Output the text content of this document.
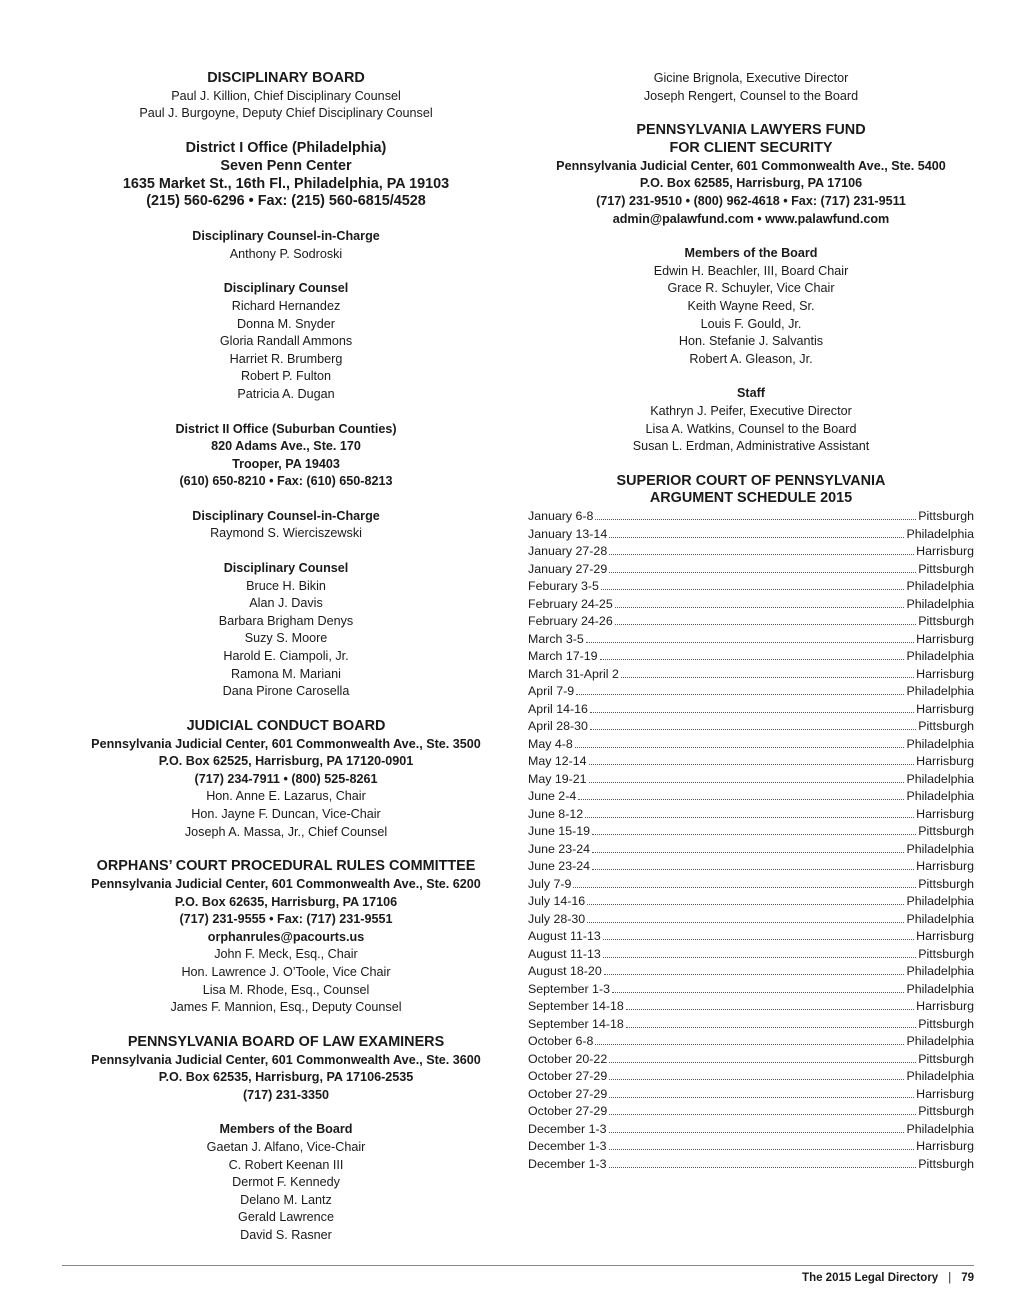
DISCIPLINARY BOARD
Paul J. Killion, Chief Disciplinary Counsel
Paul J. Burgoyne, Deputy Chief Disciplinary Counsel
District I Office (Philadelphia)
Seven Penn Center
1635 Market St., 16th Fl., Philadelphia, PA 19103
(215) 560-6296 • Fax: (215) 560-6815/4528
Disciplinary Counsel-in-Charge
Anthony P. Sodroski
Disciplinary Counsel
Richard Hernandez
Donna M. Snyder
Gloria Randall Ammons
Harriet R. Brumberg
Robert P. Fulton
Patricia A. Dugan
District II Office (Suburban Counties)
820 Adams Ave., Ste. 170
Trooper, PA 19403
(610) 650-8210 • Fax: (610) 650-8213
Disciplinary Counsel-in-Charge
Raymond S. Wierciszewski
Disciplinary Counsel
Bruce H. Bikin
Alan J. Davis
Barbara Brigham Denys
Suzy S. Moore
Harold E. Ciampoli, Jr.
Ramona M. Mariani
Dana Pirone Carosella
JUDICIAL CONDUCT BOARD
Pennsylvania Judicial Center, 601 Commonwealth Ave., Ste. 3500
P.O. Box 62525, Harrisburg, PA 17120-0901
(717) 234-7911 • (800) 525-8261
Hon. Anne E. Lazarus, Chair
Hon. Jayne F. Duncan, Vice-Chair
Joseph A. Massa, Jr., Chief Counsel
ORPHANS’ COURT PROCEDURAL RULES COMMITTEE
Pennsylvania Judicial Center, 601 Commonwealth Ave., Ste. 6200
P.O. Box 62635, Harrisburg, PA 17106
(717) 231-9555 • Fax: (717) 231-9551
orphanrules@pacourts.us
John F. Meck, Esq., Chair
Hon. Lawrence J. O’Toole, Vice Chair
Lisa M. Rhode, Esq., Counsel
James F. Mannion, Esq., Deputy Counsel
PENNSYLVANIA BOARD OF LAW EXAMINERS
Pennsylvania Judicial Center, 601 Commonwealth Ave., Ste. 3600
P.O. Box 62535, Harrisburg, PA 17106-2535
(717) 231-3350
Members of the Board
Gaetan J. Alfano, Vice-Chair
C. Robert Keenan III
Dermot F. Kennedy
Delano M. Lantz
Gerald Lawrence
David S. Rasner
Gicine Brignola, Executive Director
Joseph Rengert, Counsel to the Board
PENNSYLVANIA LAWYERS FUND
FOR CLIENT SECURITY
Pennsylvania Judicial Center, 601 Commonwealth Ave., Ste. 5400
P.O. Box 62585, Harrisburg, PA 17106
(717) 231-9510 • (800) 962-4618 • Fax: (717) 231-9511
admin@palawfund.com • www.palawfund.com
Members of the Board
Edwin H. Beachler, III, Board Chair
Grace R. Schuyler, Vice Chair
Keith Wayne Reed, Sr.
Louis F. Gould, Jr.
Hon. Stefanie J. Salvantis
Robert A. Gleason, Jr.
Staff
Kathryn J. Peifer, Executive Director
Lisa A. Watkins, Counsel to the Board
Susan L. Erdman, Administrative Assistant
SUPERIOR COURT OF PENNSYLVANIA
ARGUMENT SCHEDULE 2015
January 6-8	Pittsburgh
January 13-14	Philadelphia
January 27-28	Harrisburg
January 27-29	Pittsburgh
Feburary 3-5	Philadelphia
February 24-25	Philadelphia
February 24-26	Pittsburgh
March 3-5	Harrisburg
March 17-19	Philadelphia
March 31-April 2	Harrisburg
April 7-9	Philadelphia
April 14-16	Harrisburg
April 28-30	Pittsburgh
May 4-8	Philadelphia
May 12-14	Harrisburg
May 19-21	Philadelphia
June 2-4	Philadelphia
June 8-12	Harrisburg
June 15-19	Pittsburgh
June 23-24	Philadelphia
June 23-24	Harrisburg
July 7-9	Pittsburgh
July 14-16	Philadelphia
July 28-30	Philadelphia
August 11-13	Harrisburg
August 11-13	Pittsburgh
August 18-20	Philadelphia
September 1-3	Philadelphia
September 14-18	Harrisburg
September 14-18	Pittsburgh
October 6-8	Philadelphia
October 20-22	Pittsburgh
October 27-29	Philadelphia
October 27-29	Harrisburg
October 27-29	Pittsburgh
December 1-3	Philadelphia
December 1-3	Harrisburg
December 1-3	Pittsburgh
The 2015 Legal Directory | 79
